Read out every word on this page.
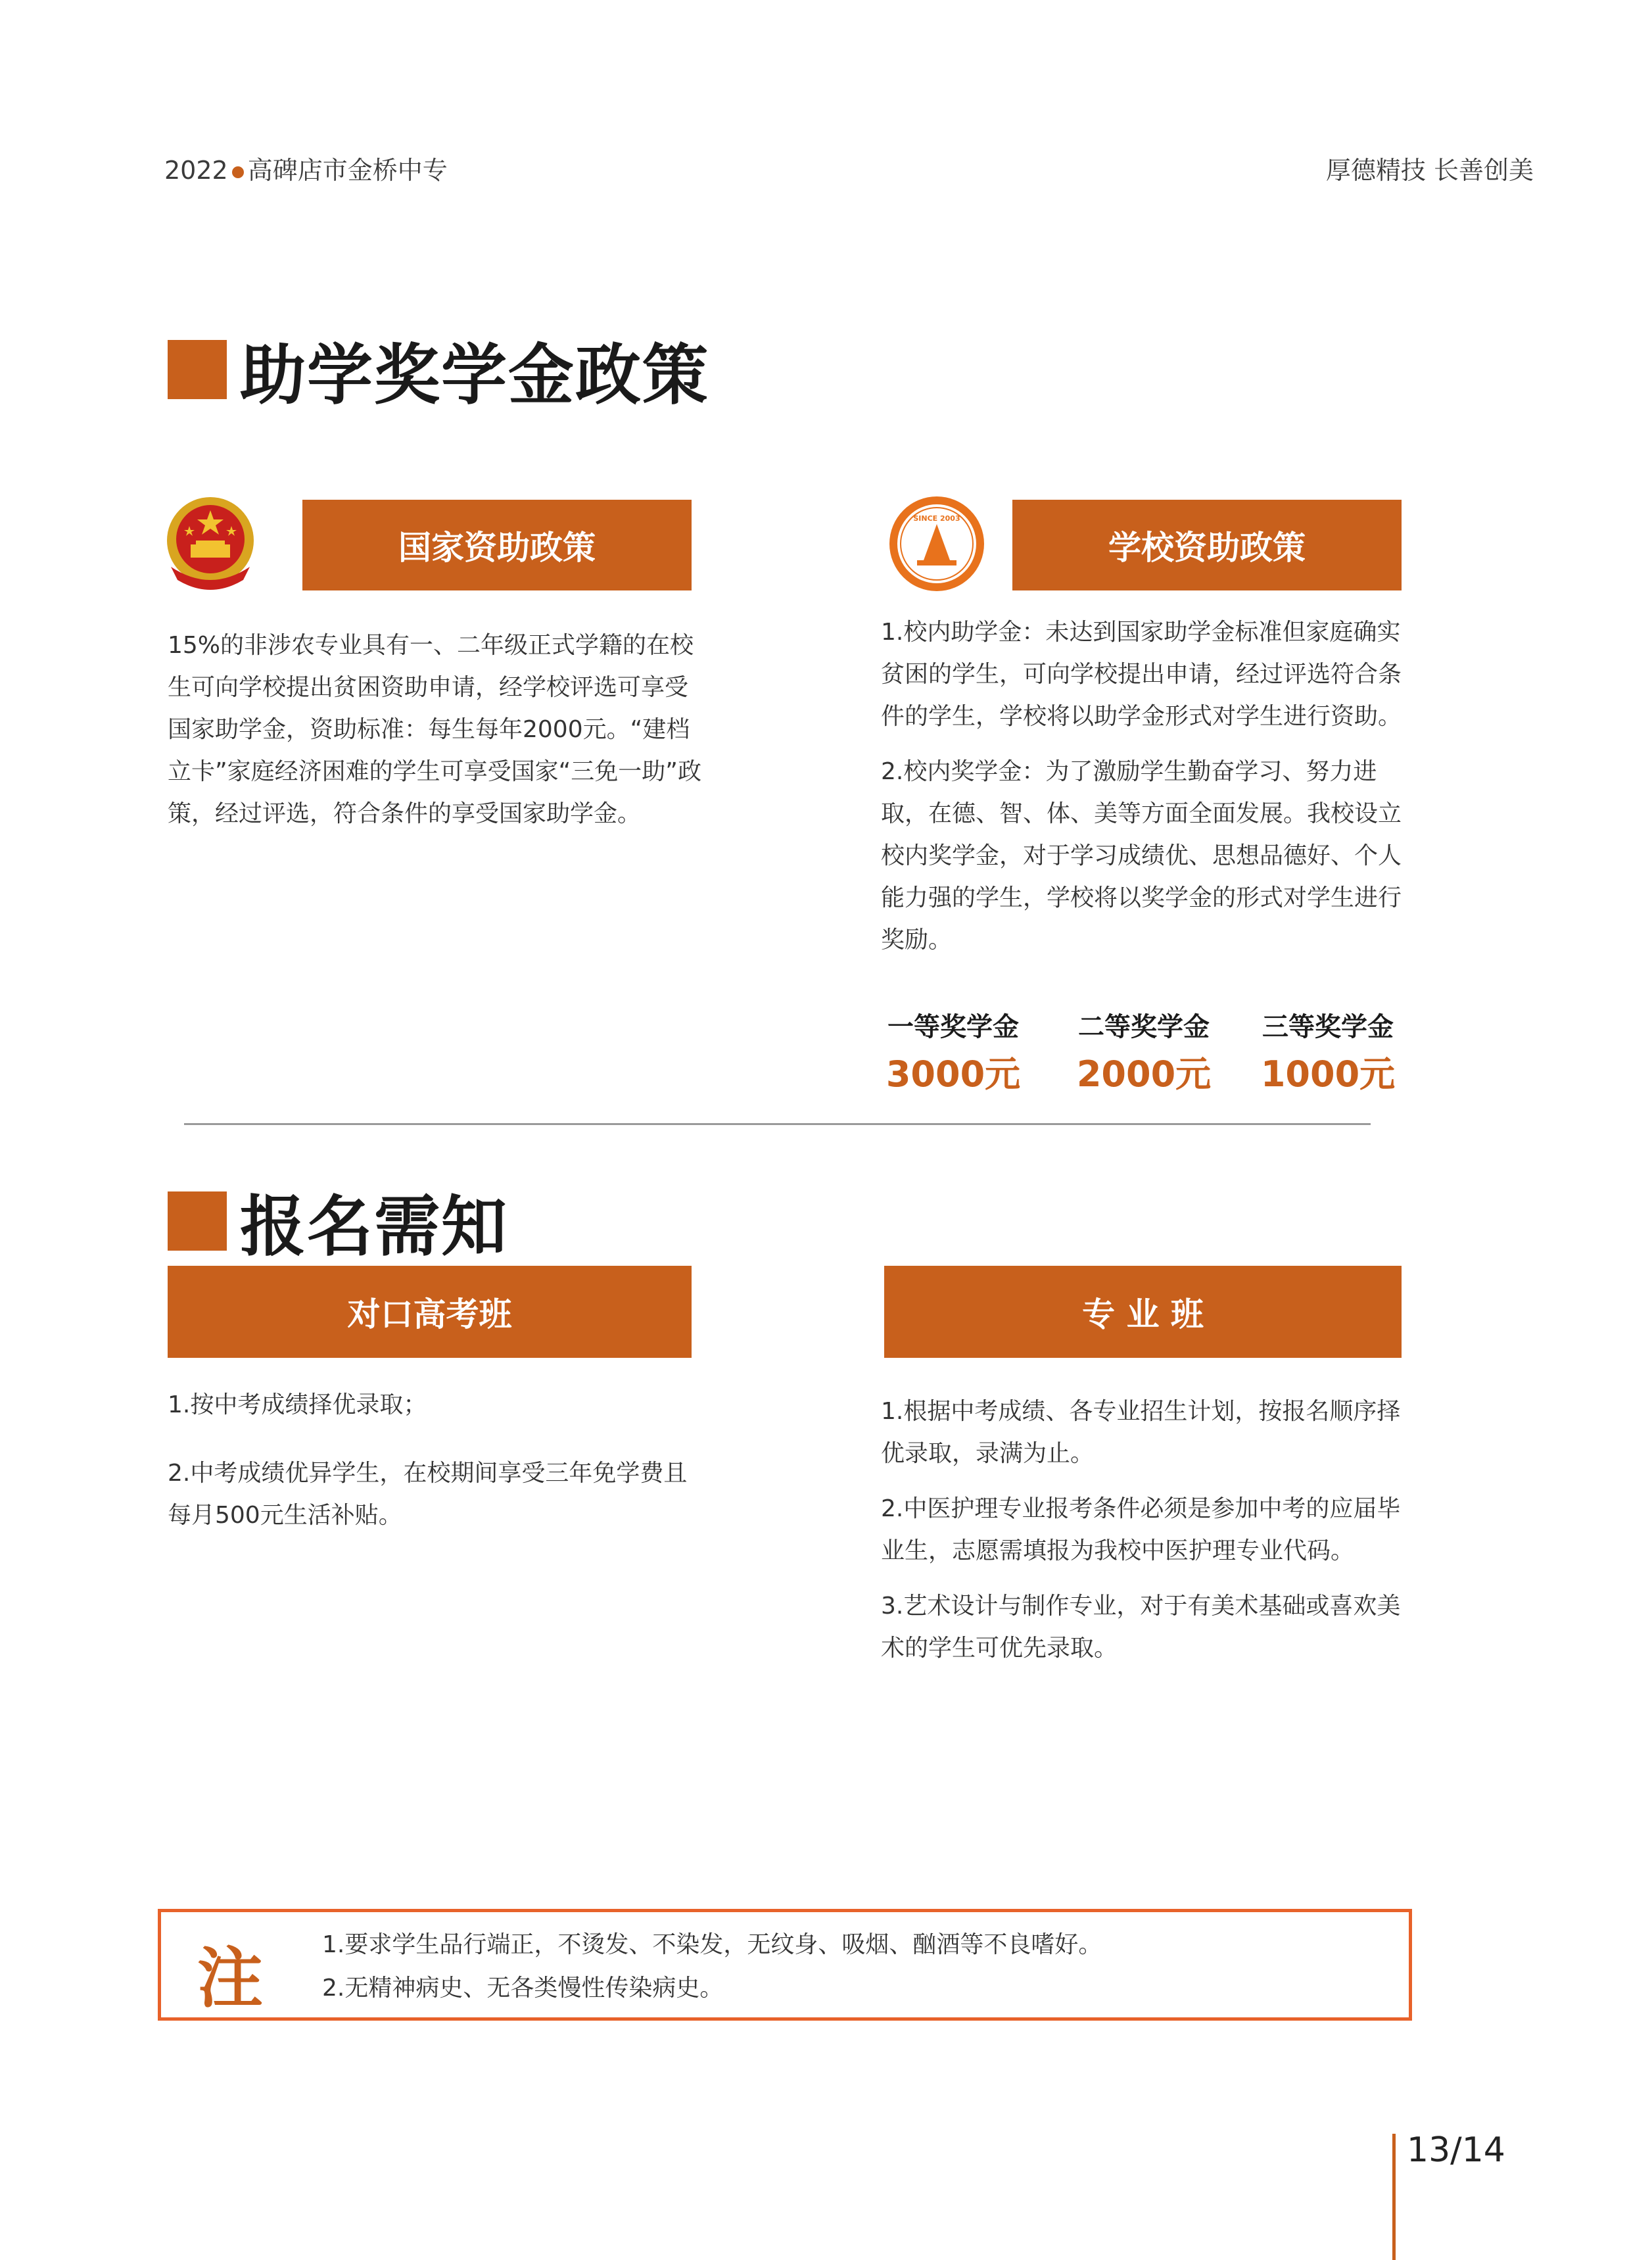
2022 高碑店市金桥中专	厚德精技 长善创美
助学奖学金政策
国家资助政策

15%的非涉农专业具有一、二年级正式学籍的在校生可向学校提出贫困资助申请，经学校评选可享受国家助学金，资助标准：每生每年2000元。“建档立卡”家庭经济困难的学生可享受国家“三免一助”政策，经过评选，符合条件的享受国家助学金。

SINCE 2003
学校资助政策

1.校内助学金：未达到国家助学金标准但家庭确实贫困的学生，可向学校提出申请，经过评选符合条件的学生，学校将以助学金形式对学生进行资助。

2.校内奖学金：为了激励学生勤奋学习、努力进取，在德、智、体、美等方面全面发展。我校设立校内奖学金，对于学习成绩优、思想品德好、个人能力强的学生，学校将以奖学金的形式对学生进行奖励。

一等奖学金
3000元
二等奖学金
2000元
三等奖学金
1000元
报名需知
对口高考班	专 业 班

1.按中考成绩择优录取；

2.中考成绩优异学生，在校期间享受三年免学费且每月500元生活补贴。

1.根据中考成绩、各专业招生计划，按报名顺序择优录取，录满为止。

2.中医护理专业报考条件必须是参加中考的应届毕业生，志愿需填报为我校中医护理专业代码。

3.艺术设计与制作专业，对于有美术基础或喜欢美术的学生可优先录取。

注	1.要求学生品行端正，不烫发、不染发，无纹身、吸烟、酗酒等不良嗜好。
2.无精神病史、无各类慢性传染病史。
13/14
